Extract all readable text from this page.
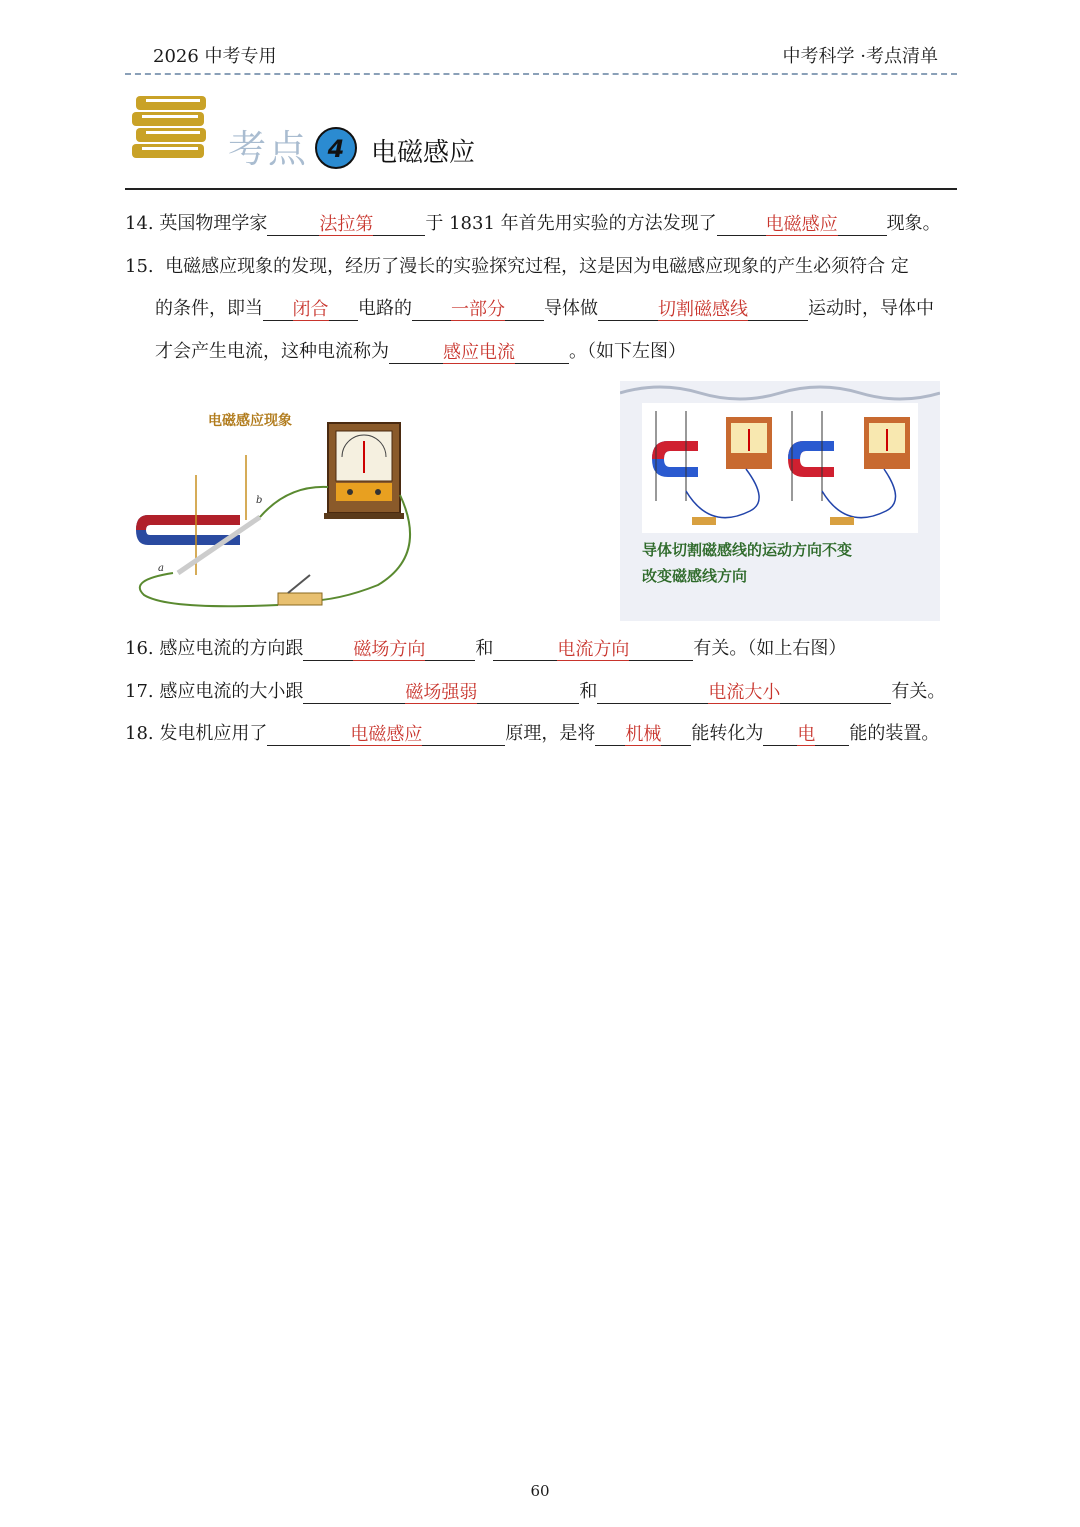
2026 中考专用	中考科学 ·考点清单
考点 4 电磁感应
14. 英国物理学家	法拉第	于 1831 年首先用实验的方法发现了	电磁感应	现象。
15. 电磁感应现象的发现，经历了漫长的实验探究过程，这是因为电磁感应现象的产生必须符合 定
的条件，即当 闭合 电路的 一部分 导体做	切割磁感线	运动时，导体中
才会产生电流，这种电流称为	感应电流	。（如下左图）
电磁感应现象
b
a
导体切割磁感线的运动方向不变
改变磁感线方向
16. 感应电流的方向跟	磁场方向	和	电流方向	有关。（如上右图）
17. 感应电流的大小跟	磁场强弱	和	电流大小	有关。
18. 发电机应用了	电磁感应	原理，是将 机械 能转化为 电 能的装置。
60
